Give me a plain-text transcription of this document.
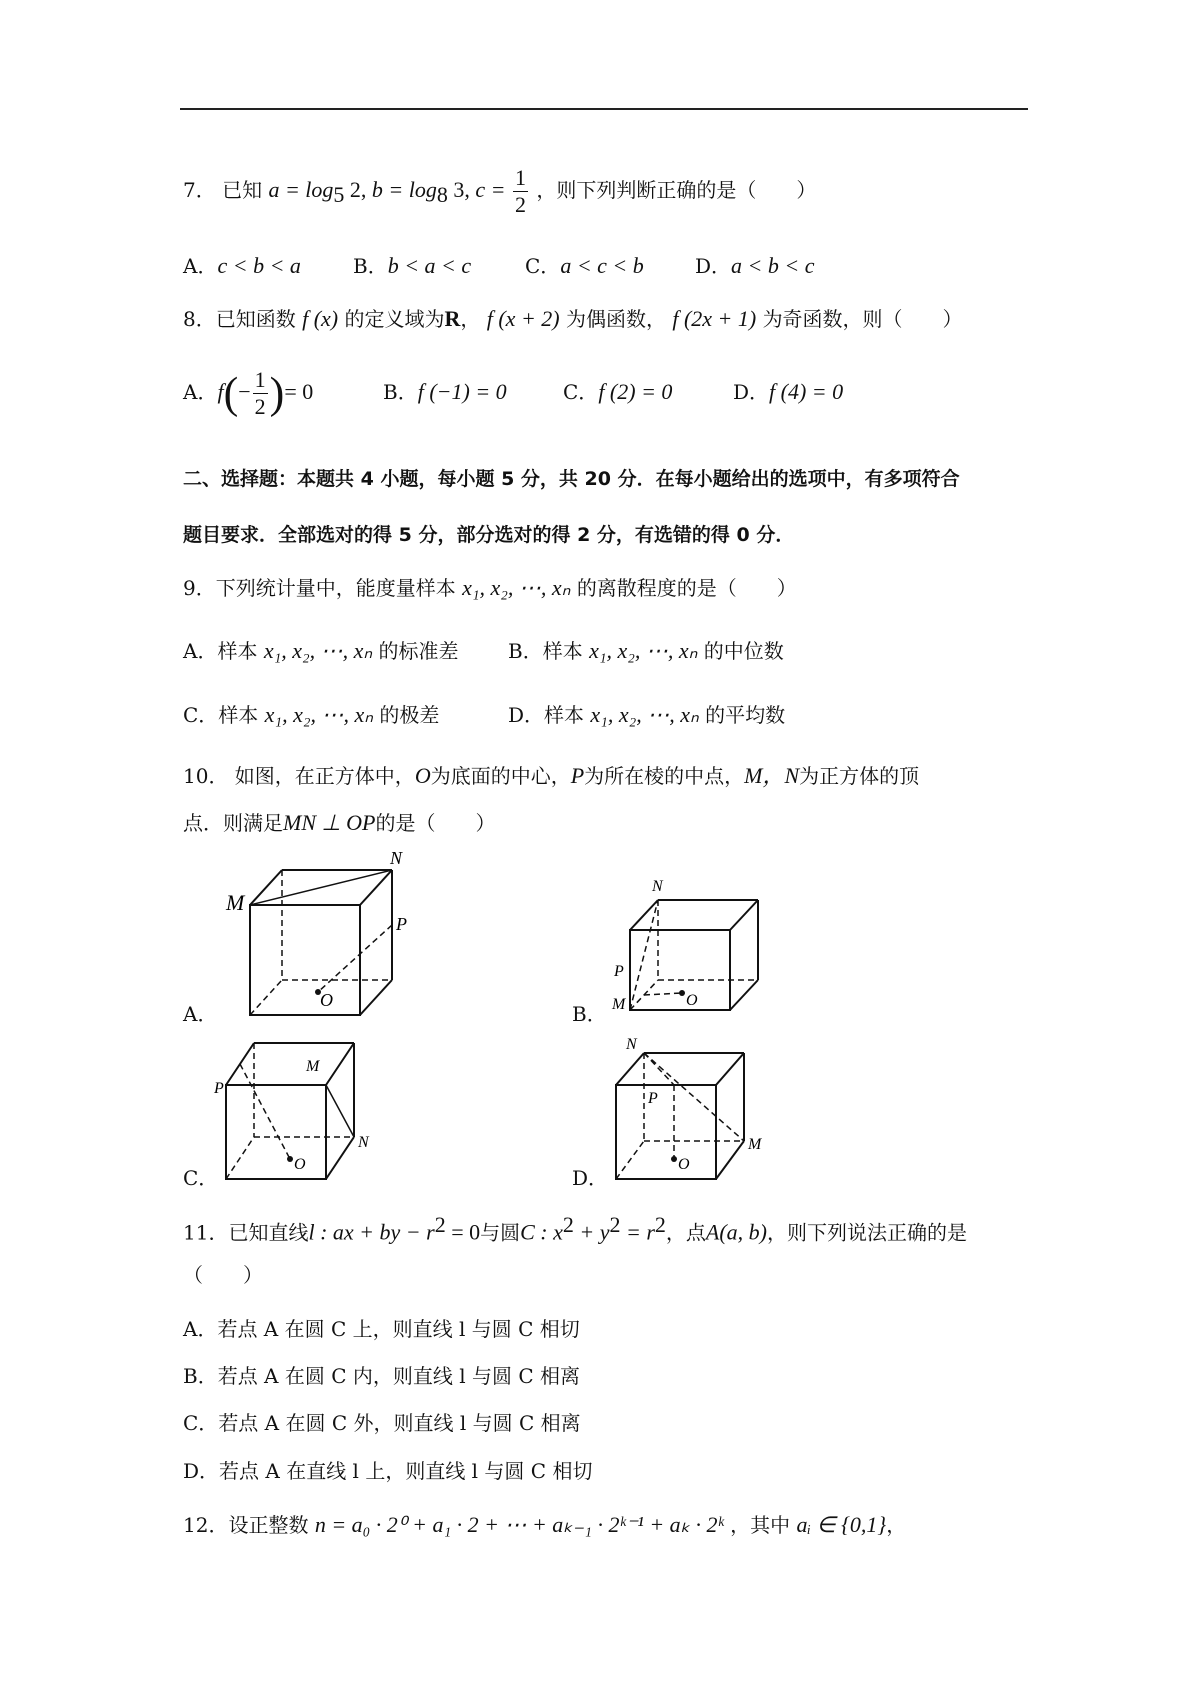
7． 已知 $a = \log_5 2$, $b = \log_8 3$, $c = \frac{1}{2}$ ，则下列判断正确的是（　　）
A．c < b < a	B．b < a < c	C．a < c < b	D．a < b < c
8．已知函数 f (x) 的定义域为R， f (x + 2) 为偶函数， f (2x + 1) 为奇函数，则（　　）
A．$f(- \frac{1}{2}$ )= 0	B．f (−1) = 0	C．f (2) = 0	D．f (4) = 0
二、选择题：本题共 4 小题，每小题 5 分，共 20 分．在每小题给出的选项中，有多项符合
题目要求．全部选对的得 5 分，部分选对的得 2 分，有选错的得 0 分．
9．下列统计量中，能度量样本 x₁, x₂, ⋯, xₙ 的离散程度的是（　　）
A．样本 x₁, x₂, ⋯, xₙ 的标准差 B．样本 x₁, x₂, ⋯, xₙ 的中位数
C．样本 x₁, x₂, ⋯, xₙ 的极差	D．样本 x₁, x₂, ⋯, xₙ 的平均数
10． 如图，在正方体中，O为底面的中心，P为所在棱的中点，M，N为正方体的顶
点．则满足MN ⊥ OP的是（　　）
A．
M
N
P
O
B．
N
P
M	O
C．
M
P
N
O
D．
N
P
M
O
11．已知直线l : ax + by − $r^2 = 0$与圆C : $x^2 + y^2 = r^2$，点A(a, b)，则下列说法正确的是
（　　）
A．若点 A 在圆 C 上，则直线 l 与圆 C 相切
B．若点 A 在圆 C 内，则直线 l 与圆 C 相离
C．若点 A 在圆 C 外，则直线 l 与圆 C 相离
D．若点 A 在直线 l 上，则直线 l 与圆 C 相切
12．设正整数 n = a₀ · 2⁰ + a₁ · 2 + ⋯ + aₖ₋₁ · 2ᵏ⁻¹ + aₖ · 2ᵏ ，其中 aᵢ ∈ {0,1}，
